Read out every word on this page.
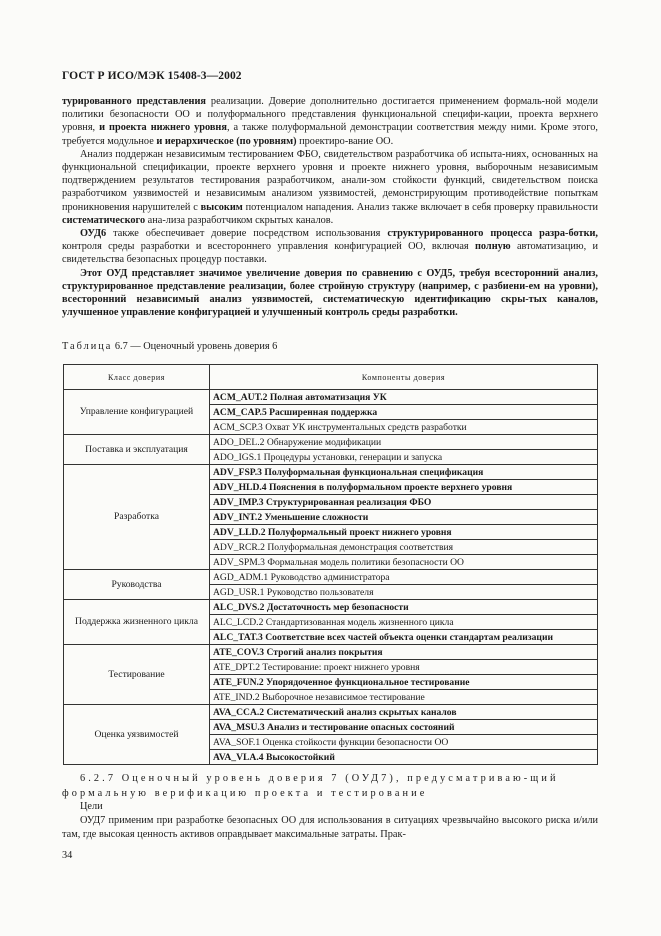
ГОСТ Р ИСО/МЭК 15408-3—2002

турированного представления реализации. Доверие дополнительно достигается применением формаль-ной модели политики безопасности ОО и полуформального представления функциональной специфи-кации, проекта верхнего уровня, и проекта нижнего уровня, а также полуформальной демонстрации соответствия между ними. Кроме этого, требуется модульное и иерархическое (по уровням) проектиро-вание ОО.

Анализ поддержан независимым тестированием ФБО, свидетельством разработчика об испыта-ниях, основанных на функциональной спецификации, проекте верхнего уровня и проекте нижнего уровня, выборочным независимым подтверждением результатов тестирования разработчиком, анали-зом стойкости функций, свидетельством поиска разработчиком уязвимостей и независимым анализом уязвимостей, демонстрирующим противодействие попыткам проникновения нарушителей с высоким потенциалом нападения. Анализ также включает в себя проверку правильности систематического ана-лиза разработчиком скрытых каналов.

ОУД6 также обеспечивает доверие посредством использования структурированного процесса разра-ботки, контроля среды разработки и всестороннего управления конфигурацией ОО, включая полную автоматизацию, и свидетельства безопасных процедур поставки.

Этот ОУД представляет значимое увеличение доверия по сравнению с ОУД5, требуя всесторонний анализ, структурированное представление реализации, более стройную структуру (например, с разбиени-ем на уровни), всесторонний независимый анализ уязвимостей, систематическую идентификацию скры-тых каналов, улучшенное управление конфигурацией и улучшенный контроль среды разработки.

Таблица 6.7 — Оценочный уровень доверия 6
Класс доверия	Компоненты доверия
Управление конфигурацией	ACM_AUT.2 Полная автоматизация УК
	ACM_CAP.5 Расширенная поддержка
	ACM_SCP.3 Охват УК инструментальных средств разработки
Поставка и эксплуатация	ADO_DEL.2 Обнаружение модификации
	ADO_IGS.1 Процедуры установки, генерации и запуска
Разработка	ADV_FSP.3 Полуформальная функциональная спецификация
	ADV_HLD.4 Пояснения в полуформальном проекте верхнего уровня
	ADV_IMP.3 Структурированная реализация ФБО
	ADV_INT.2 Уменьшение сложности
	ADV_LLD.2 Полуформальный проект нижнего уровня
	ADV_RCR.2 Полуформальная демонстрация соответствия
	ADV_SPM.3 Формальная модель политики безопасности ОО
Руководства	AGD_ADM.1 Руководство администратора
	AGD_USR.1 Руководство пользователя
Поддержка жизненного цикла	ALC_DVS.2 Достаточность мер безопасности
	ALC_LCD.2 Стандартизованная модель жизненного цикла
	ALC_TAT.3 Соответствие всех частей объекта оценки стандартам реализации
Тестирование	ATE_COV.3 Строгий анализ покрытия
	ATE_DPT.2 Тестирование: проект нижнего уровня
	ATE_FUN.2 Упорядоченное функциональное тестирование
	ATE_IND.2 Выборочное независимое тестирование
Оценка уязвимостей	AVA_CCA.2 Систематический анализ скрытых каналов
	AVA_MSU.3 Анализ и тестирование опасных состояний
	AVA_SOF.1 Оценка стойкости функции безопасности ОО
	AVA_VLA.4 Высокостойкий
6.2.7 Оценочный уровень доверия 7 (ОУД7), предусматриваю-щий формальную верификацию проекта и тестирование

Цели

ОУД7 применим при разработке безопасных ОО для использования в ситуациях чрезвычайно высокого риска и/или там, где высокая ценность активов оправдывает максимальные затраты. Прак-

34
